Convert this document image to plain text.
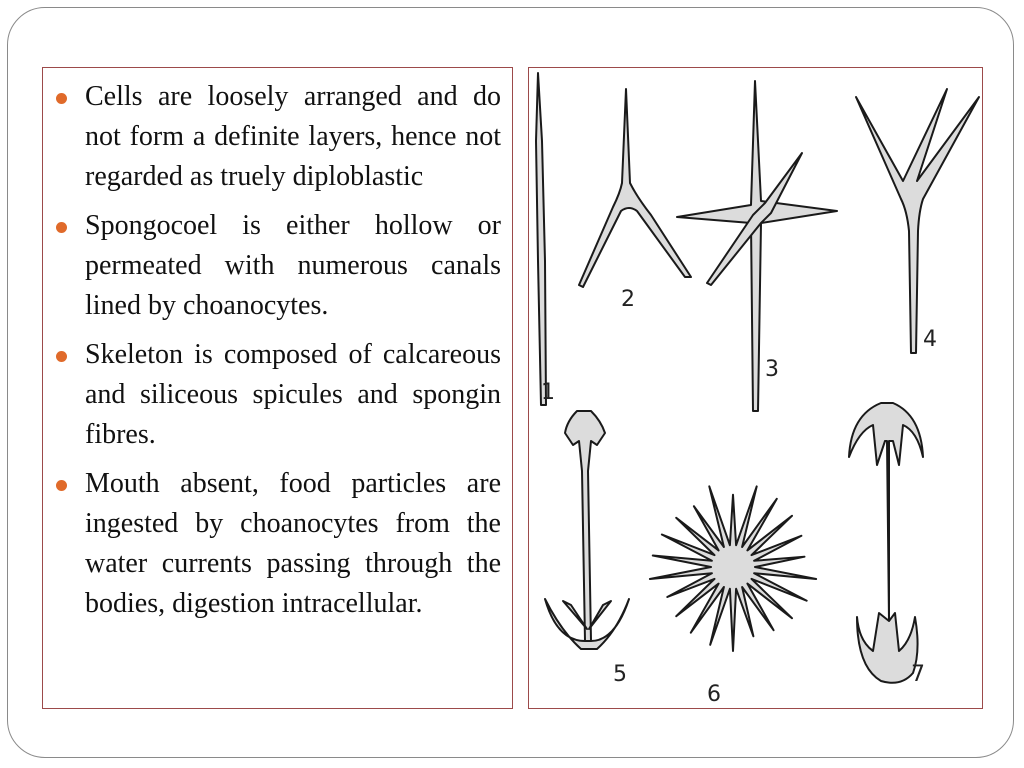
Cells are loosely arranged and do not form a definite layers, hence not regarded as truely diploblastic
Spongocoel is either hollow or permeated with numerous canals lined by choanocytes.
Skeleton is composed of calcareous and siliceous spicules and spongin fibres.
Mouth absent, food particles are ingested by choanocytes from the water currents passing through the bodies, digestion intracellular.
1
2
3
4
5
6
7
